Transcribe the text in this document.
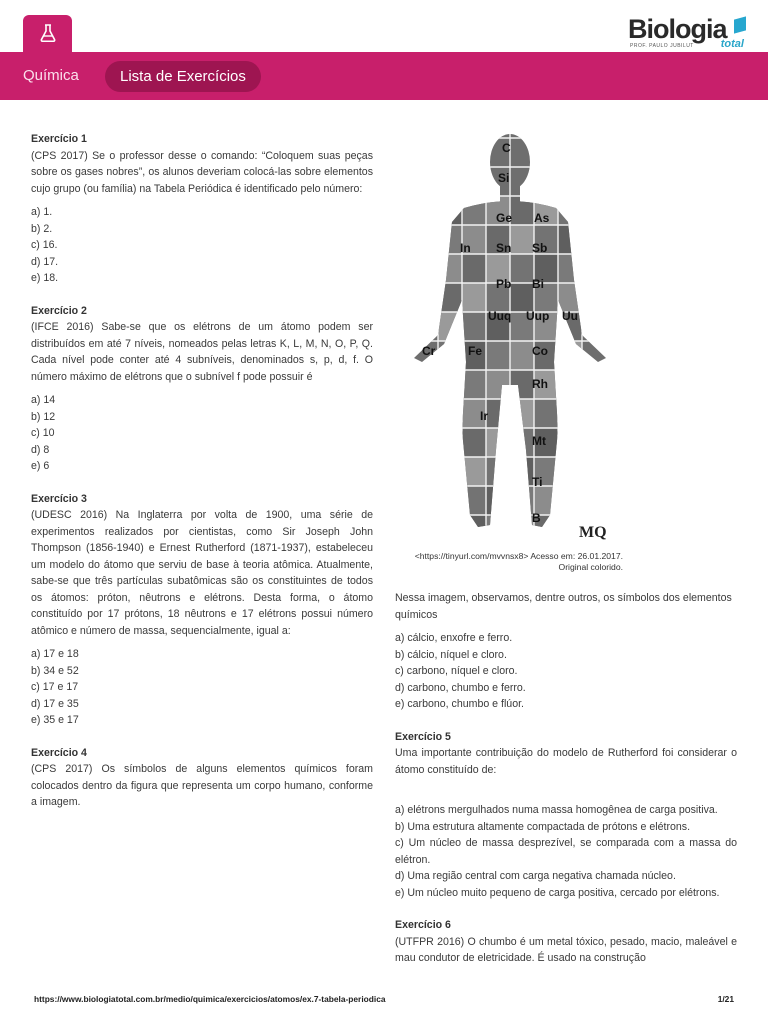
Biologia
PROF. PAULO JUBILUT total
Química	Lista de Exercícios
Exercício 1
(CPS 2017) Se o professor desse o comando: “Coloquem suas peças sobre os gases nobres”, os alunos deveriam colocá-las sobre elementos cujo grupo (ou família) na Tabela Periódica é identificado pelo número:
a) 1.
b) 2.
c) 16.
d) 17.
e) 18.
Exercício 2
(IFCE 2016) Sabe-se que os elétrons de um átomo podem ser distribuídos em até 7 níveis, nomeados pelas letras K, L, M, N, O, P, Q. Cada nível pode conter até 4 subníveis, denominados s, p, d, f. O número máximo de elétrons que o subnível f pode possuir é
a) 14
b) 12
c) 10
d) 8
e) 6
Exercício 3
(UDESC 2016) Na Inglaterra por volta de 1900, uma série de experimentos realizados por cientistas, como Sir Joseph John Thompson (1856-1940) e Ernest Rutherford (1871-1937), estabeleceu um modelo do átomo que serviu de base à teoria atômica. Atualmente, sabe-se que três partículas subatômicas são os constituintes de todos os átomos: próton, nêutrons e elétrons. Desta forma, o átomo constituído por 17 prótons, 18 nêutrons e 17 elétrons possui número atômico e número de massa, sequencialmente, igual a:
a) 17 e 18
b) 34 e 52
c) 17 e 17
d) 17 e 35
e) 35 e 17
Exercício 4
(CPS 2017) Os símbolos de alguns elementos químicos foram colocados dentro da figura que representa um corpo humano, conforme a imagem.
C
Si
Ge As
In Sn Sb
Pb Bi
Uuq Uup Uu
Cr	Fe	Co
Rh
Ir
Mt
Ti
B
MQ
<https://tinyurl.com/mvvnsx8> Acesso em: 26.01.2017.
Original colorido.
Nessa imagem, observamos, dentre outros, os símbolos dos elementos químicos
a) cálcio, enxofre e ferro.
b) cálcio, níquel e cloro.
c) carbono, níquel e cloro.
d) carbono, chumbo e ferro.
e) carbono, chumbo e flúor.
Exercício 5
Uma importante contribuição do modelo de Rutherford foi considerar o átomo constituído de:
a) elétrons mergulhados numa massa homogênea de carga positiva.
b) Uma estrutura altamente compactada de prótons e elétrons.
c) Um núcleo de massa desprezível, se comparada com a massa do elétron.
d) Uma região central com carga negativa chamada núcleo.
e) Um núcleo muito pequeno de carga positiva, cercado por elétrons.
Exercício 6
(UTFPR 2016) O chumbo é um metal tóxico, pesado, macio, maleável e mau condutor de eletricidade. É usado na construção
https://www.biologiatotal.com.br/medio/quimica/exercicios/atomos/ex.7-tabela-periodica	1/21
